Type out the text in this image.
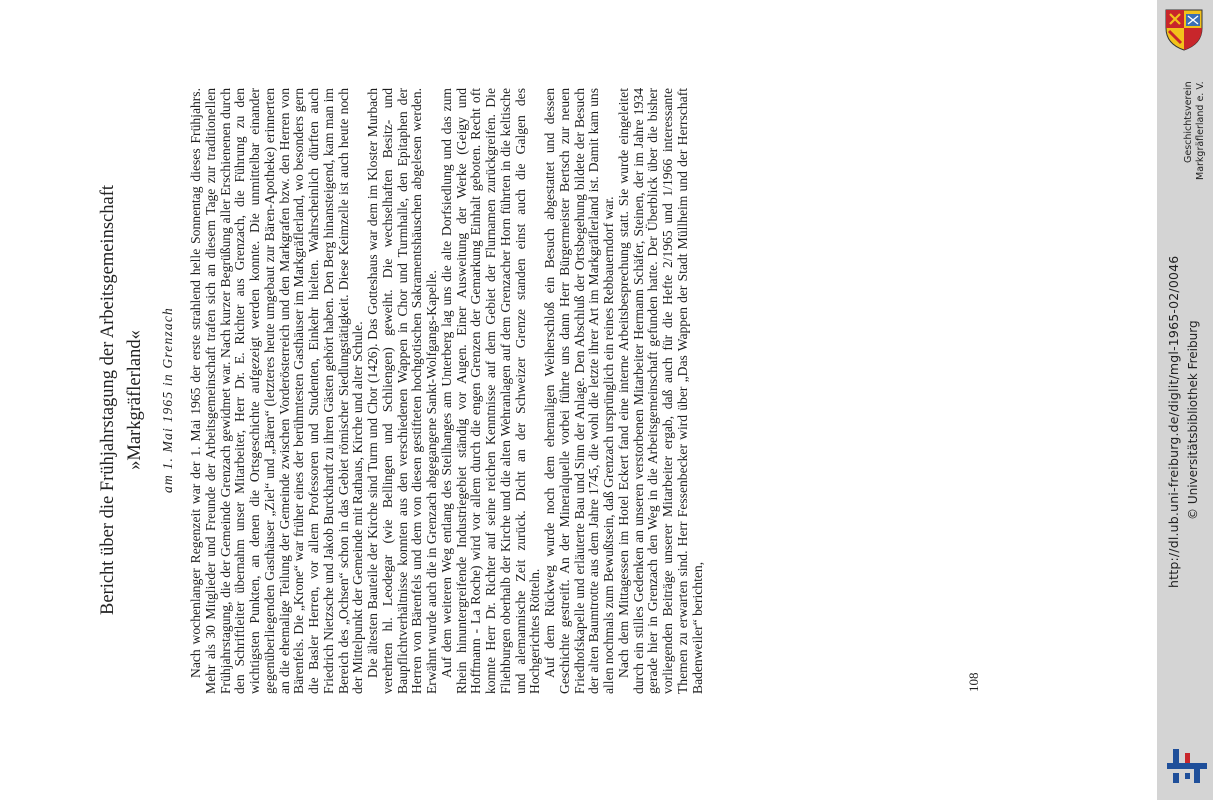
Bericht über die Frühjahrstagung der Arbeitsgemeinschaft »Markgräflerland« am 1. Mai 1965 in Grenzach Nach wochenlanger Regenzeit war der 1. Mai 1965 der erste strahlend helle Sonnentag dieses Frühjahrs. Mehr als 30 Mitglieder und Freunde der Arbeitsgemeinschaft trafen sich an diesem Tage zur traditionellen Frühjahrstagung, die der Gemeinde Grenzach gewidmet war. Nach kurzer Begrüßung aller Erschienenen durch den Schriftleiter übernahm unser Mitarbeiter, Herr Dr. E. Richter aus Grenzach, die Führung zu den wichtigsten Punkten, an denen die Ortsgeschichte aufgezeigt werden konnte. Die unmittelbar einander gegenüberliegenden Gasthäuser „Ziel“ und „Bären“ (letzteres heute umgebaut zur Bären-Apotheke) erinnerten an die ehemalige Teilung der Gemeinde zwischen Vorderösterreich und den Markgrafen bzw. den Herren von Bärenfels. Die „Krone“ war früher eines der berühmtesten Gasthäuser im Markgräflerland, wo besonders gern die Basler Herren, vor allem Professoren und Studenten, Einkehr hielten. Wahrscheinlich dürften auch Friedrich Nietzsche und Jakob Burckhardt zu ihren Gästen gehört haben. Den Berg hinansteigend, kam man im Bereich des „Ochsen“ schon in das Gebiet römischer Siedlungstätigkeit. Diese Keimzelle ist auch heute noch der Mittelpunkt der Gemeinde mit Rathaus, Kirche und alter Schule. Die ältesten Bauteile der Kirche sind Turm und Chor (1426). Das Gotteshaus war dem im Kloster Murbach verehrten hl. Leodegar (wie Bellingen und Schliengen) geweiht. Die wechselhaften Besitz- und Baupflichtverhältnisse konnten aus den verschiedenen Wappen in Chor und Turmhalle, den Epitaphen der Herren von Bärenfels und dem von diesen gestifteten hochgotischen Sakramentshäuschen abgelesen werden. Erwähnt wurde auch die in Grenzach abgegangene Sankt-Wolfgangs-Kapelle. Auf dem weiteren Weg entlang des Steilhanges am Unterberg lag uns die alte Dorfsiedlung und das zum Rhein hinuntergreifende Industriegebiet ständig vor Augen. Einer Ausweitung der Werke (Geigy und Hoffmann - La Roche) wird vor allem durch die engen Grenzen der Gemarkung Einhalt geboten. Recht oft konnte Herr Dr. Richter auf seine reichen Kenntnisse auf dem Gebiet der Flurnamen zurückgreifen. Die Fliehburgen oberhalb der Kirche und die alten Wehranlagen auf dem Grenzacher Horn führten in die keltische und alemannische Zeit zurück. Dicht an der Schweizer Grenze standen einst auch die Galgen des Hochgerichtes Rötteln. Auf dem Rückweg wurde noch dem ehemaligen Weiherschloß ein Besuch abgestattet und dessen Geschichte gestreift. An der Mineralquelle vorbei führte uns dann Herr Bürgermeister Bertsch zur neuen Friedhofskapelle und erläuterte Bau und Sinn der Anlage. Den Abschluß der Ortsbegehung bildete der Besuch der alten Baumtrotte aus dem Jahre 1745, die wohl die letzte ihrer Art im Markgräflerland ist. Damit kam uns allen nochmals zum Bewußtsein, daß Grenzach ursprünglich ein reines Rebbauerndorf war. Nach dem Mittagessen im Hotel Eckert fand eine interne Arbeitsbesprechung statt. Sie wurde eingeleitet durch ein stilles Gedenken an unseren verstorbenen Mitarbeiter Hermann Schäfer, Steinen, der im Jahre 1934 gerade hier in Grenzach den Weg in die Arbeitsgemeinschaft gefunden hatte. Der Überblick über die bisher vorliegenden Beiträge unserer Mitarbeiter ergab, daß auch für die Hefte 2/1965 und 1/1966 interessante Themen zu erwarten sind. Herr Fessenbecker wird über „Das Wappen der Stadt Müllheim und der Herrschaft Badenweiler“ berichten,	108
Geschichtsverein Markgräflerland e. V.
http://dl.ub.uni-freiburg.de/diglit/mgl-1965-02/0046 © Universitätsbibliothek Freiburg
